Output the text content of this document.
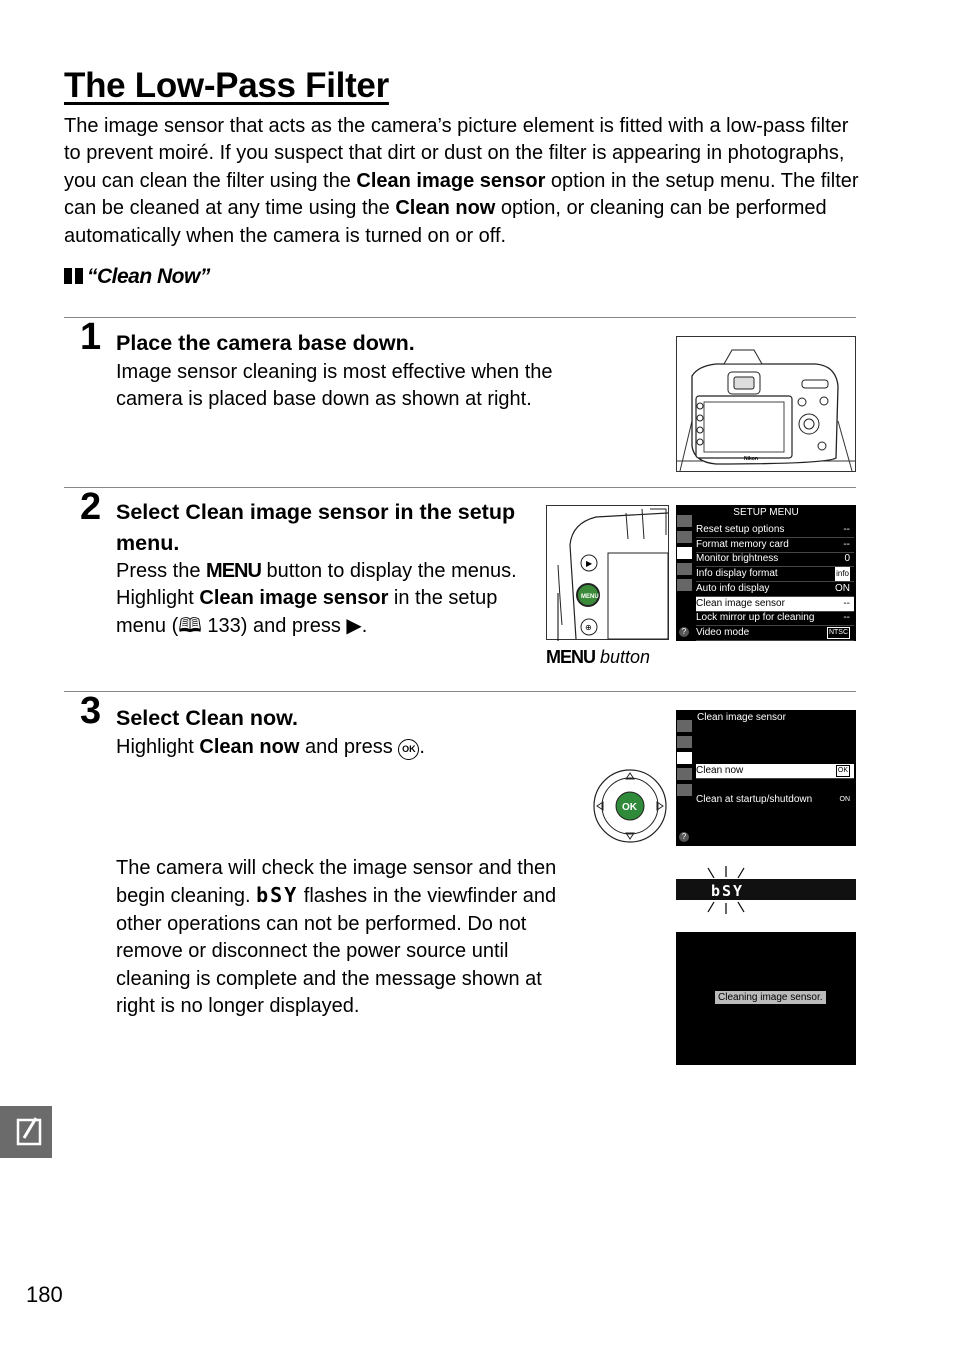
The Low-Pass Filter
The image sensor that acts as the camera’s picture element is fitted with a low-pass filter to prevent moiré. If you suspect that dirt or dust on the filter is appearing in photographs, you can clean the filter using the Clean image sensor option in the setup menu. The filter can be cleaned at any time using the Clean now option, or cleaning can be performed automatically when the camera is turned on or off.
“Clean Now”
1 Place the camera base down.
Image sensor cleaning is most effective when the camera is placed base down as shown at right.
Nikon
2 Select Clean image sensor in the setup menu.
Press the MENU button to display the menus. Highlight Clean image sensor in the setup menu (🕮 133) and press ▶.
▶
MENU
⊕
MENU button
SETUP MENU
?
Reset setup options	--
Format memory card	--
Monitor brightness	0
Info display format	info
Auto info display	ON
Clean image sensor	--
Lock mirror up for cleaning	--
Video mode	NTSC
3 Select Clean now.
Highlight Clean now and press OK .
OK
Clean image sensor
?
Clean now	OK
Clean at startup/shutdown	ON
The camera will check the image sensor and then begin cleaning. bSY flashes in the viewfinder and other operations can not be performed. Do not remove or disconnect the power source until cleaning is complete and the message shown at right is no longer displayed.
bSY
Cleaning image sensor.
180
